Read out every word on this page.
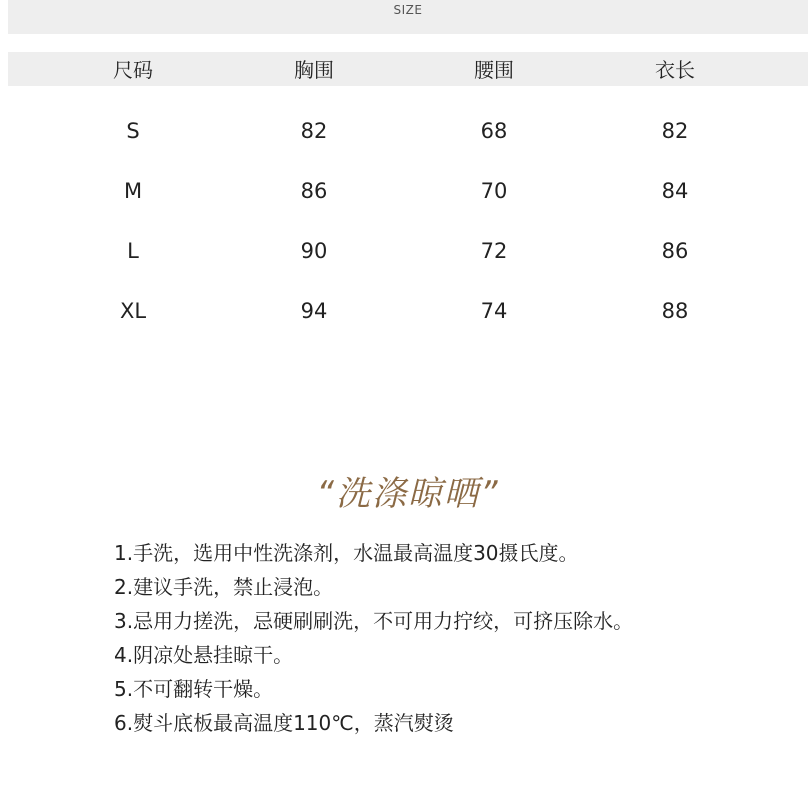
SIZE
尺码	胸围	腰围	衣长
S	82	68	82
M	86	70	84
L	90	72	86
XL	94	74	88
“洗涤晾晒”
1.手洗，选用中性洗涤剂，水温最高温度30摄氏度。
2.建议手洗，禁止浸泡。
3.忌用力搓洗，忌硬刷刷洗，不可用力拧绞，可挤压除水。
4.阴凉处悬挂晾干。
5.不可翻转干燥。
6.熨斗底板最高温度110℃，蒸汽熨烫
